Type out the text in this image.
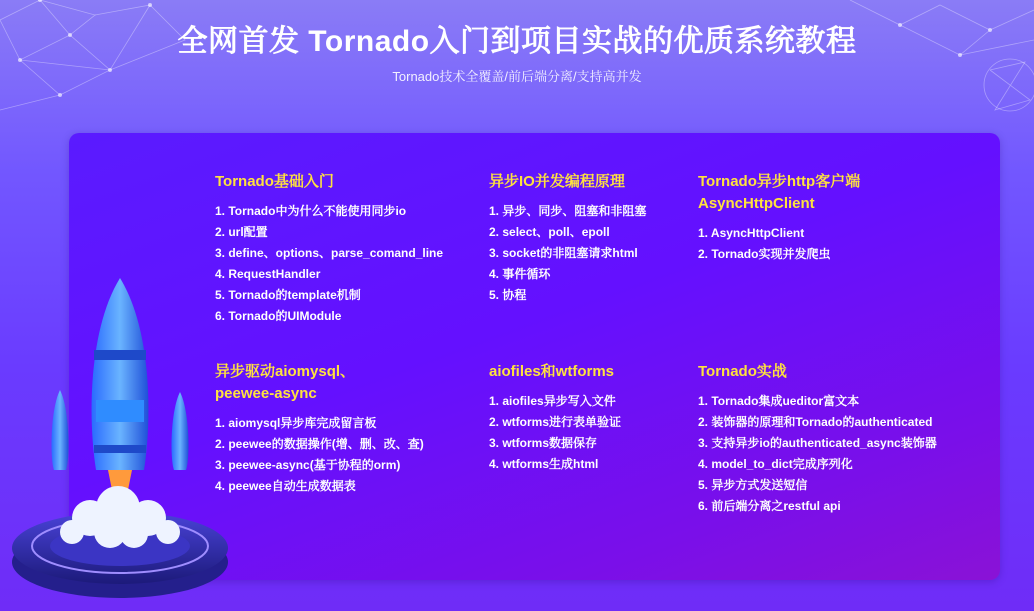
全网首发 Tornado入门到项目实战的优质系统教程
Tornado技术全覆盖/前后端分离/支持高并发
Tornado基础入门
1. Tornado中为什么不能使用同步io
2. url配置
3. define、options、parse_comand_line
4. RequestHandler
5. Tornado的template机制
6. Tornado的UIModule
异步IO并发编程原理
1. 异步、同步、阻塞和非阻塞
2. select、poll、epoll
3. socket的非阻塞请求html
4. 事件循环
5. 协程
Tornado异步http客户端 AsyncHttpClient
1. AsyncHttpClient
2. Tornado实现并发爬虫
异步驱动aiomysql、 peewee-async
1. aiomysql异步库完成留言板
2. peewee的数据操作(增、删、改、查)
3. peewee-async(基于协程的orm)
4. peewee自动生成数据表
aiofiles和wtforms
1. aiofiles异步写入文件
2. wtforms进行表单验证
3. wtforms数据保存
4. wtforms生成html
Tornado实战
1. Tornado集成ueditor富文本
2. 装饰器的原理和Tornado的authenticated
3. 支持异步io的authenticated_async装饰器
4. model_to_dict完成序列化
5. 异步方式发送短信
6. 前后端分离之restful api
